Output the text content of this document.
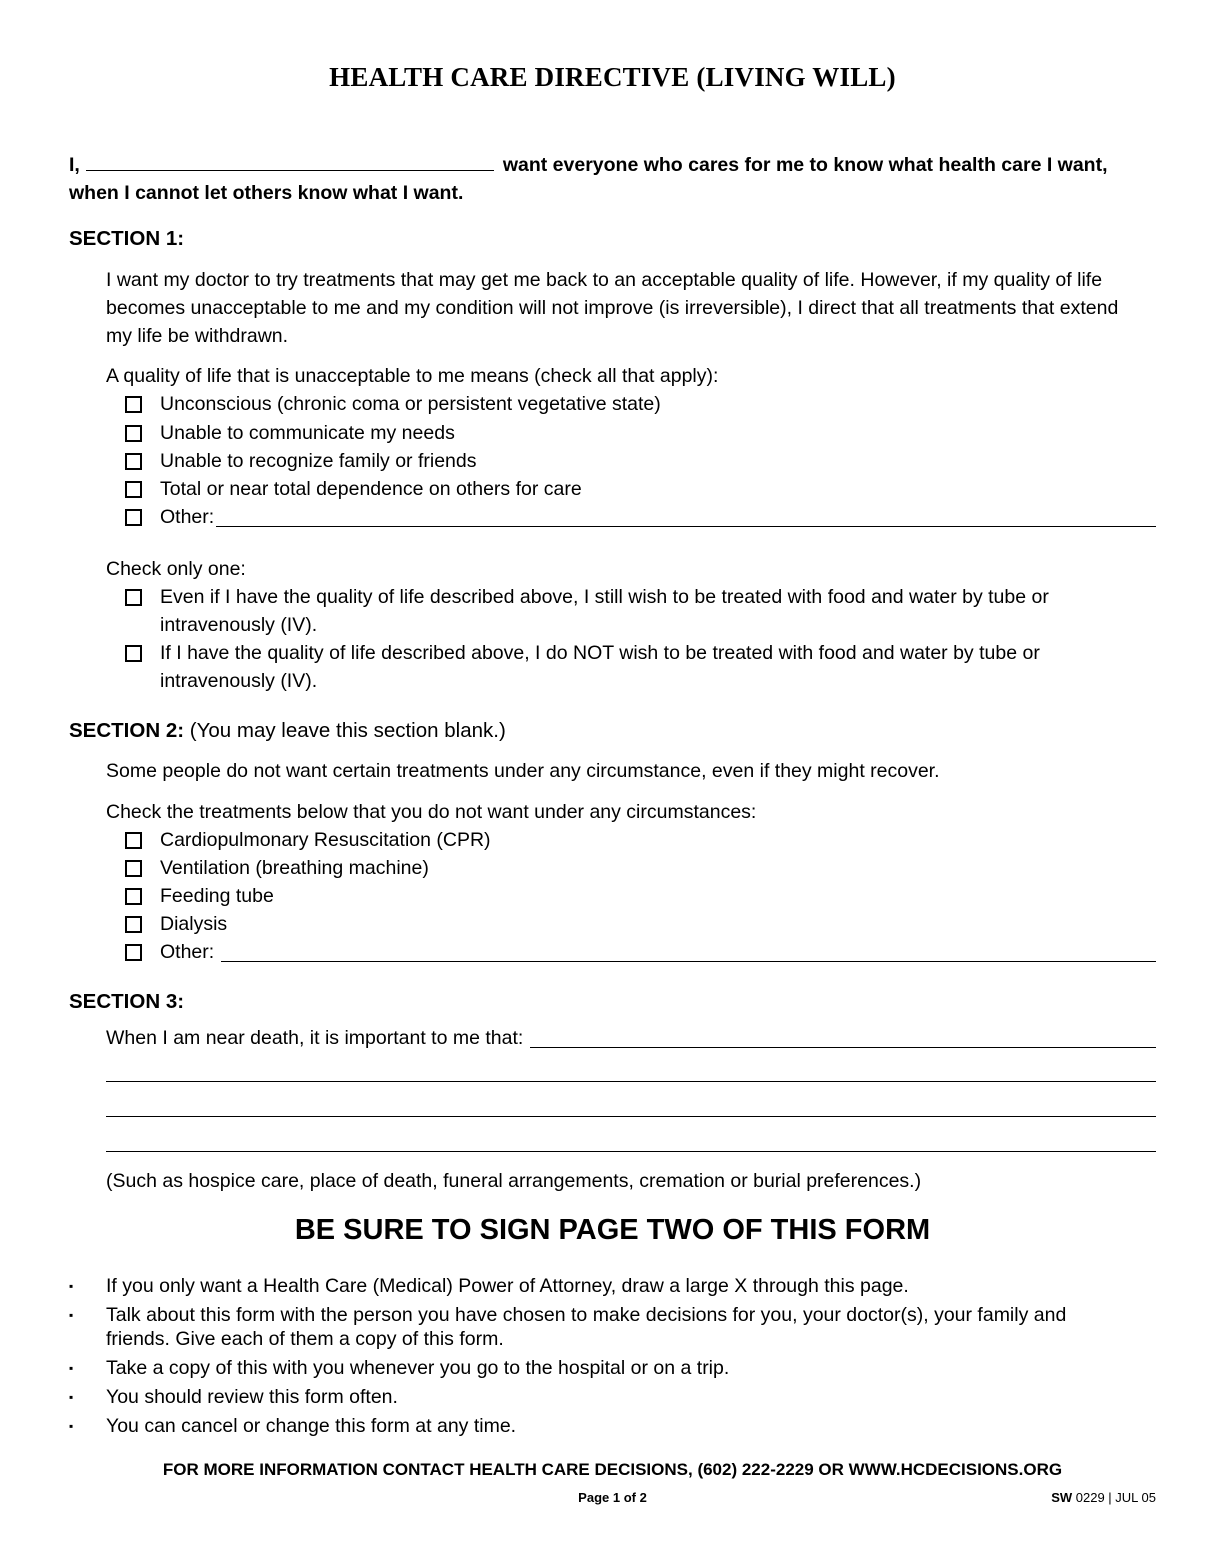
HEALTH CARE DIRECTIVE (LIVING WILL)
I,	want everyone who cares for me to know what health care I want,
when I cannot let others know what I want.
SECTION 1:
I want my doctor to try treatments that may get me back to an acceptable quality of life. However, if my quality of life
becomes unacceptable to me and my condition will not improve (is irreversible), I direct that all treatments that extend
my life be withdrawn.
A quality of life that is unacceptable to me means (check all that apply):
Unconscious (chronic coma or persistent vegetative state)
Unable to communicate my needs
Unable to recognize family or friends
Total or near total dependence on others for care
Other:
Check only one:
Even if I have the quality of life described above, I still wish to be treated with food and water by tube or
intravenously (IV).
If I have the quality of life described above, I do NOT wish to be treated with food and water by tube or
intravenously (IV).
SECTION 2: (You may leave this section blank.)
Some people do not want certain treatments under any circumstance, even if they might recover.
Check the treatments below that you do not want under any circumstances:
Cardiopulmonary Resuscitation (CPR)
Ventilation (breathing machine)
Feeding tube
Dialysis
Other:
SECTION 3:
When I am near death, it is important to me that:
(Such as hospice care, place of death, funeral arrangements, cremation or burial preferences.)
BE SURE TO SIGN PAGE TWO OF THIS FORM
▪	If you only want a Health Care (Medical) Power of Attorney, draw a large X through this page.
▪	Talk about this form with the person you have chosen to make decisions for you, your doctor(s), your family and
friends. Give each of them a copy of this form.
▪	Take a copy of this with you whenever you go to the hospital or on a trip.
▪	You should review this form often.
▪	You can cancel or change this form at any time.
FOR MORE INFORMATION CONTACT HEALTH CARE DECISIONS, (602) 222-2229 OR WWW.HCDECISIONS.ORG
Page 1 of 2	SW 0229 | JUL 05
